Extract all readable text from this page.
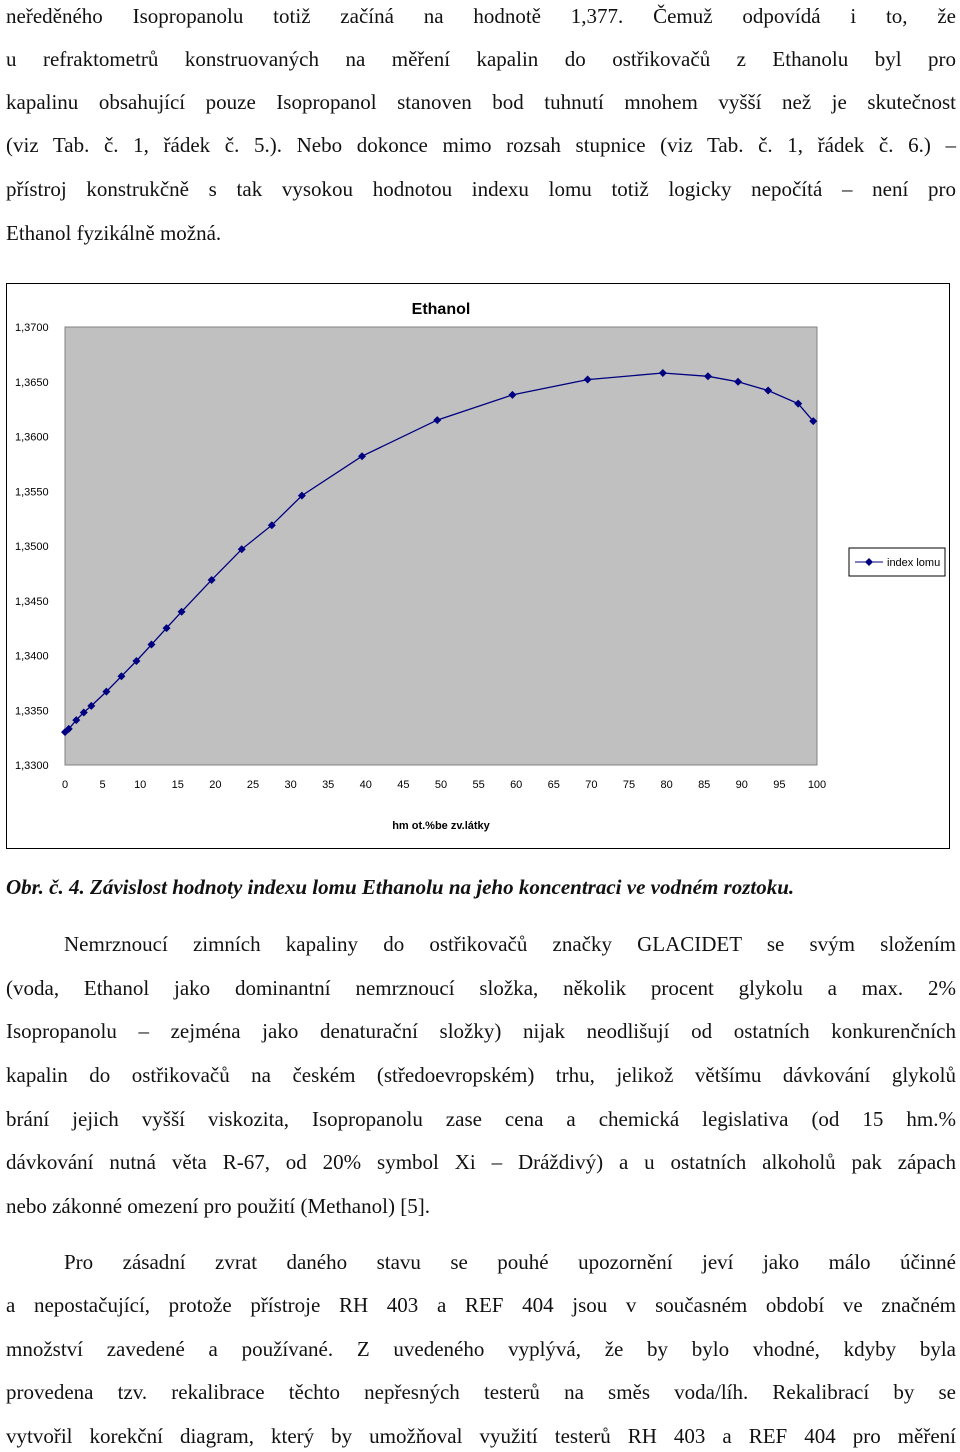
neředěného Isopropanolu totiž začíná na hodnotě 1,377. Čemuž odpovídá i to, že
u refraktometrů konstruovaných na měření kapalin do ostřikovačů z Ethanolu byl pro
kapalinu obsahující pouze Isopropanol stanoven bod tuhnutí mnohem vyšší než je skutečnost
(viz Tab. č. 1, řádek č. 5.). Nebo dokonce mimo rozsah stupnice (viz Tab. č. 1, řádek č. 6.) –
přístroj konstrukčně s tak vysokou hodnotou indexu lomu totiž logicky nepočítá – není pro
Ethanol fyzikálně možná.
Ethanol
1,3300
1,3350
1,3400
1,3450
1,3500
1,3550
1,3600
1,3650
1,3700
0	5	10 15 20 25 30 35 40 45 50 55 60 65 70 75 80 85 90 95 100
hm ot.%be zv.látky
index lomu
Obr. č. 4. Závislost hodnoty indexu lomu Ethanolu na jeho koncentraci ve vodném roztoku.
Nemrznoucí zimních kapaliny do ostřikovačů značky GLACIDET se svým složením
(voda, Ethanol jako dominantní nemrznoucí složka, několik procent glykolu a max. 2%
Isopropanolu – zejména jako denaturační složky) nijak neodlišují od ostatních konkurenčních
kapalin do ostřikovačů na českém (středoevropském) trhu, jelikož většímu dávkování glykolů
brání jejich vyšší viskozita, Isopropanolu zase cena a chemická legislativa (od 15 hm.%
dávkování nutná věta R-67, od 20% symbol Xi – Dráždivý) a u ostatních alkoholů pak zápach
nebo zákonné omezení pro použití (Methanol) [5].
Pro zásadní zvrat daného stavu se pouhé upozornění jeví jako málo účinné
a nepostačující, protože přístroje RH 403 a REF 404 jsou v současném období ve značném
množství zavedené a používané. Z uvedeného vyplývá, že by bylo vhodné, kdyby byla
provedena tzv. rekalibrace těchto nepřesných testerů na směs voda/líh. Rekalibrací by se
vytvořil korekční diagram, který by umožňoval využití testerů RH 403 a REF 404 pro měření
